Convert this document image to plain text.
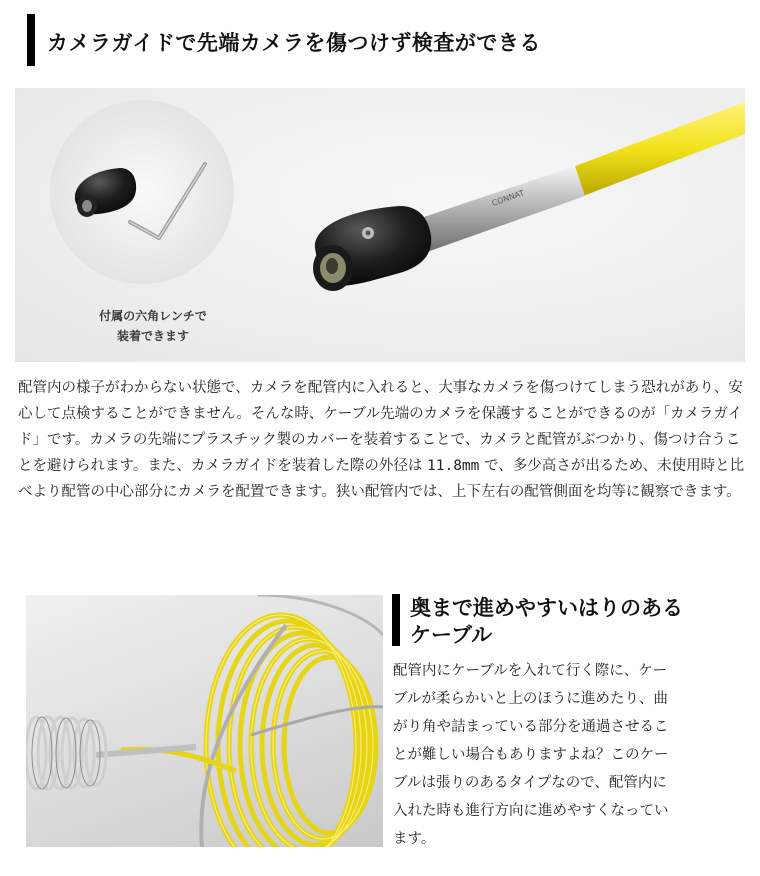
カメラガイドで先端カメラを傷つけず検査ができる
CONNAT
付属の六角レンチで
装着できます

配管内の様子がわからない状態で、カメラを配管内に入れると、大事なカメラを傷つけてしまう恐れがあり、安心して点検することができません。そんな時、ケーブル先端のカメラを保護することができるのが「カメラガイド」です。カメラの先端にプラスチック製のカバーを装着することで、カメラと配管がぶつかり、傷つけ合うことを避けられます。また、カメラガイドを装着した際の外径は 11.8mm で、多少高さが出るため、未使用時と比べより配管の中心部分にカメラを配置できます。狭い配管内では、上下左右の配管側面を均等に観察できます。

奥まで進めやすいはりのある
ケーブル
配管内にケーブルを入れて行く際に、ケー
ブルが柔らかいと上のほうに進めたり、曲
がり角や詰まっている部分を通過させるこ
とが難しい場合もありますよね？このケー
ブルは張りのあるタイプなので、配管内に
入れた時も進行方向に進めやすくなってい
ます。
